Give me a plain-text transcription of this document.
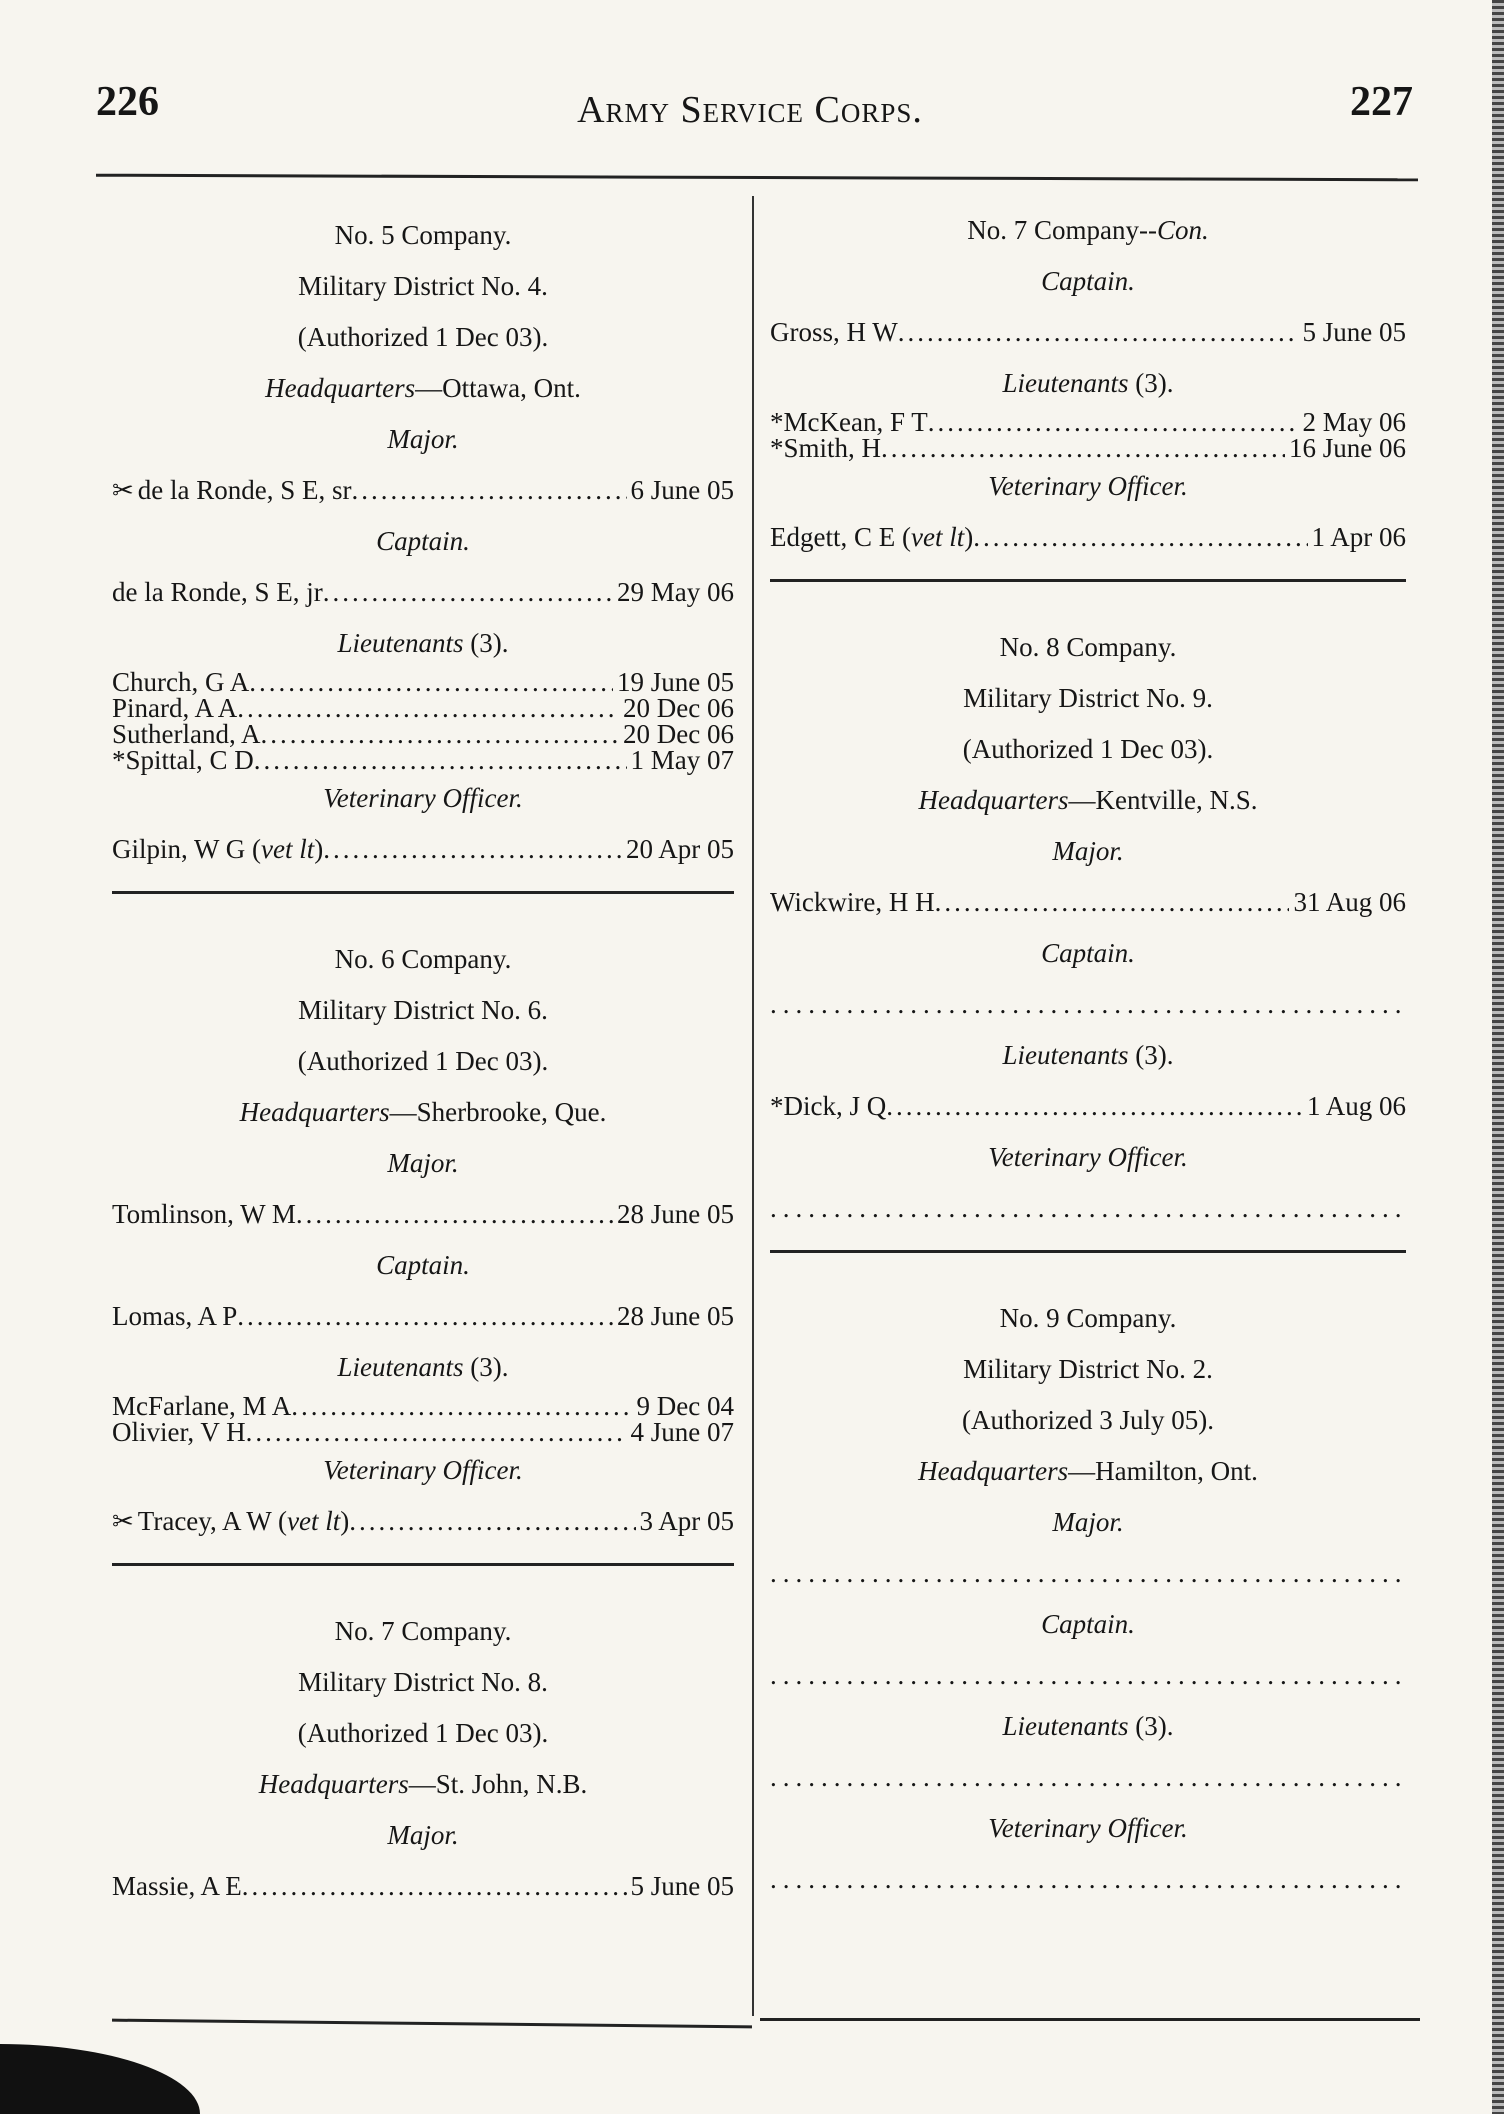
226	Army Service Corps.	227
No. 5 Company.
Military District No. 4.
(Authorized 1 Dec 03).
Headquarters—Ottawa, Ont.
Major.
✂ de la Ronde, S E, sr .....	6 June 05
Captain.
de la Ronde, S E, jr .....	29 May 06
Lieutenants (3).
Church, G A .....	19 June 05
Pinard, A A .....	20 Dec 06
Sutherland, A .....	20 Dec 06
*Spittal, C D .....	1 May 07
Veterinary Officer.
Gilpin, W G (vet lt) .....	20 Apr 05
No. 6 Company.
Military District No. 6.
(Authorized 1 Dec 03).
Headquarters—Sherbrooke, Que.
Major.
Tomlinson, W M .....	28 June 05
Captain.
Lomas, A P .....	28 June 05
Lieutenants (3).
McFarlane, M A .....	9 Dec 04
Olivier, V H .....	4 June 07
Veterinary Officer.
✂ Tracey, A W (vet lt) .....	3 Apr 05
No. 7 Company.
Military District No. 8.
(Authorized 1 Dec 03).
Headquarters—St. John, N.B.
Major.
Massie, A E .....	5 June 05
No. 7 Company--Con.
Captain.
Gross, H W .....	5 June 05
Lieutenants (3).
*McKean, F T .....	2 May 06
*Smith, H .....	16 June 06
Veterinary Officer.
Edgett, C E (vet lt) .....	1 Apr 06
No. 8 Company.
Military District No. 9.
(Authorized 1 Dec 03).
Headquarters—Kentville, N.S.
Major.
Wickwire, H H .....	31 Aug 06
Captain.
.....
Lieutenants (3).
*Dick, J Q .....	1 Aug 06
Veterinary Officer.
.....
No. 9 Company.
Military District No. 2.
(Authorized 3 July 05).
Headquarters—Hamilton, Ont.
Major.
.....
Captain.
.....
Lieutenants (3).
.....
Veterinary Officer.
.....
